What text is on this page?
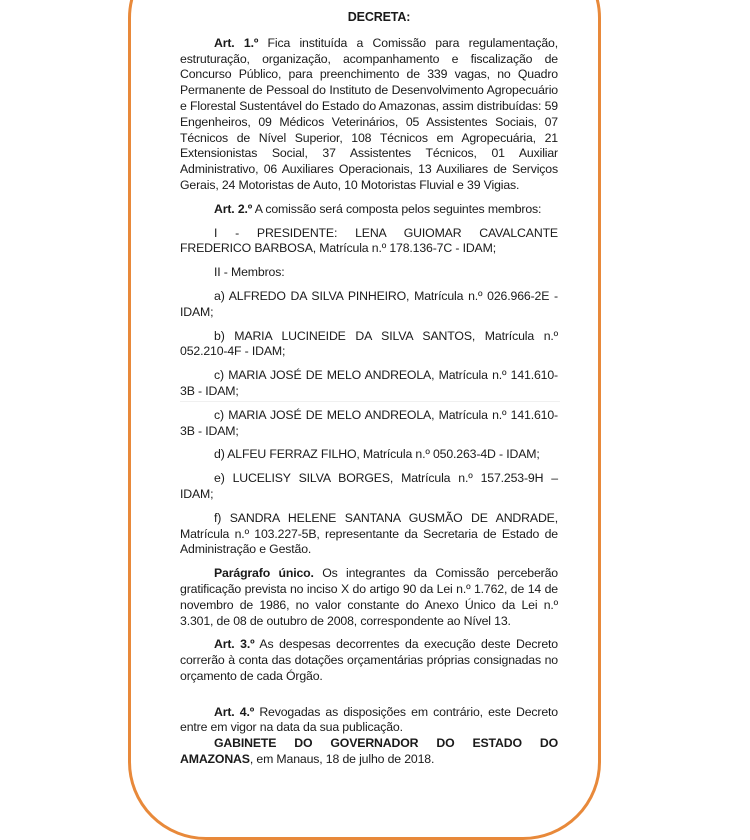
DECRETA:

Art. 1.º Fica instituída a Comissão para regulamentação, estruturação, organização, acompanhamento e fiscalização de Concurso Público, para preenchimento de 339 vagas, no Quadro Permanente de Pessoal do Instituto de Desenvolvimento Agropecuário e Florestal Sustentável do Estado do Amazonas, assim distribuídas: 59 Engenheiros, 09 Médicos Veterinários, 05 Assistentes Sociais, 07 Técnicos de Nível Superior, 108 Técnicos em Agropecuária, 21 Extensionistas Social, 37 Assistentes Técnicos, 01 Auxiliar Administrativo, 06 Auxiliares Operacionais, 13 Auxiliares de Serviços Gerais, 24 Motoristas de Auto, 10 Motoristas Fluvial e 39 Vigias.

Art. 2.º A comissão será composta pelos seguintes membros:

I - PRESIDENTE: LENA GUIOMAR CAVALCANTE FREDERICO BARBOSA, Matrícula n.º 178.136-7C - IDAM;

II - Membros:

a) ALFREDO DA SILVA PINHEIRO, Matrícula n.º 026.966-2E - IDAM;

b) MARIA LUCINEIDE DA SILVA SANTOS, Matrícula n.º 052.210-4F - IDAM;

c) MARIA JOSÉ DE MELO ANDREOLA, Matrícula n.º 141.610-3B - IDAM;

c) MARIA JOSÉ DE MELO ANDREOLA, Matrícula n.º 141.610-3B - IDAM;

d) ALFEU FERRAZ FILHO, Matrícula n.º 050.263-4D - IDAM;

e) LUCELISY SILVA BORGES, Matrícula n.º 157.253-9H – IDAM;

f) SANDRA HELENE SANTANA GUSMÃO DE ANDRADE, Matrícula n.º 103.227-5B, representante da Secretaria de Estado de Administração e Gestão.

Parágrafo único. Os integrantes da Comissão perceberão gratificação prevista no inciso X do artigo 90 da Lei n.º 1.762, de 14 de novembro de 1986, no valor constante do Anexo Único da Lei n.º 3.301, de 08 de outubro de 2008, correspondente ao Nível 13.

Art. 3.º As despesas decorrentes da execução deste Decreto correrão à conta das dotações orçamentárias próprias consignadas no orçamento de cada Órgão.

Art. 4.º Revogadas as disposições em contrário, este Decreto entre em vigor na data da sua publicação.

GABINETE DO GOVERNADOR DO ESTADO DO AMAZONAS, em Manaus, 18 de julho de 2018.
